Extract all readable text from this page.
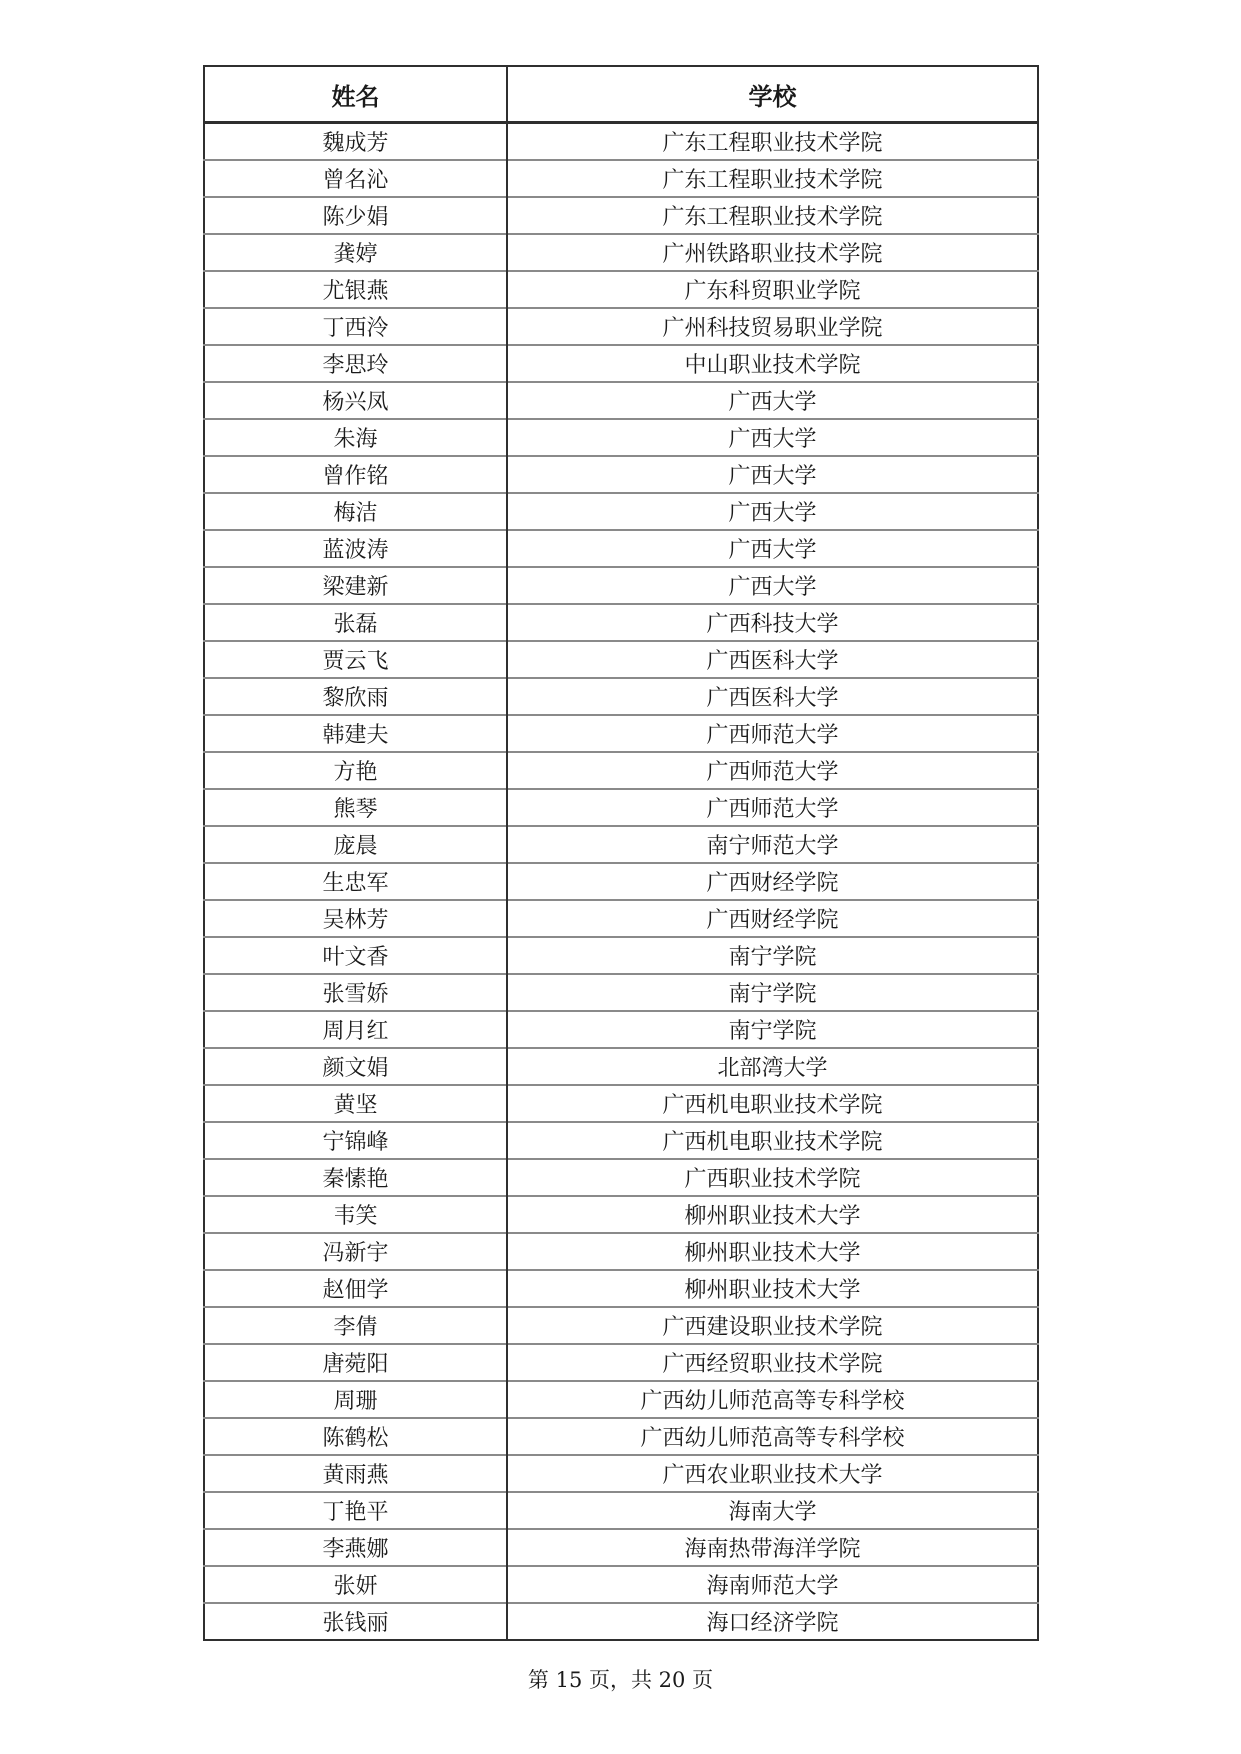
姓名	学校
魏成芳	广东工程职业技术学院
曾名沁	广东工程职业技术学院
陈少娟	广东工程职业技术学院
龚婷	广州铁路职业技术学院
尤银燕	广东科贸职业学院
丁西泠	广州科技贸易职业学院
李思玲	中山职业技术学院
杨兴凤	广西大学
朱海	广西大学
曾作铭	广西大学
梅洁	广西大学
蓝波涛	广西大学
梁建新	广西大学
张磊	广西科技大学
贾云飞	广西医科大学
黎欣雨	广西医科大学
韩建夫	广西师范大学
方艳	广西师范大学
熊琴	广西师范大学
庞晨	南宁师范大学
生忠军	广西财经学院
吴林芳	广西财经学院
叶文香	南宁学院
张雪娇	南宁学院
周月红	南宁学院
颜文娟	北部湾大学
黄坚	广西机电职业技术学院
宁锦峰	广西机电职业技术学院
秦愫艳	广西职业技术学院
韦笑	柳州职业技术大学
冯新宇	柳州职业技术大学
赵佃学	柳州职业技术大学
李倩	广西建设职业技术学院
唐菀阳	广西经贸职业技术学院
周珊	广西幼儿师范高等专科学校
陈鹤松	广西幼儿师范高等专科学校
黄雨燕	广西农业职业技术大学
丁艳平	海南大学
李燕娜	海南热带海洋学院
张妍	海南师范大学
张钱丽	海口经济学院
第 15 页，共 20 页
